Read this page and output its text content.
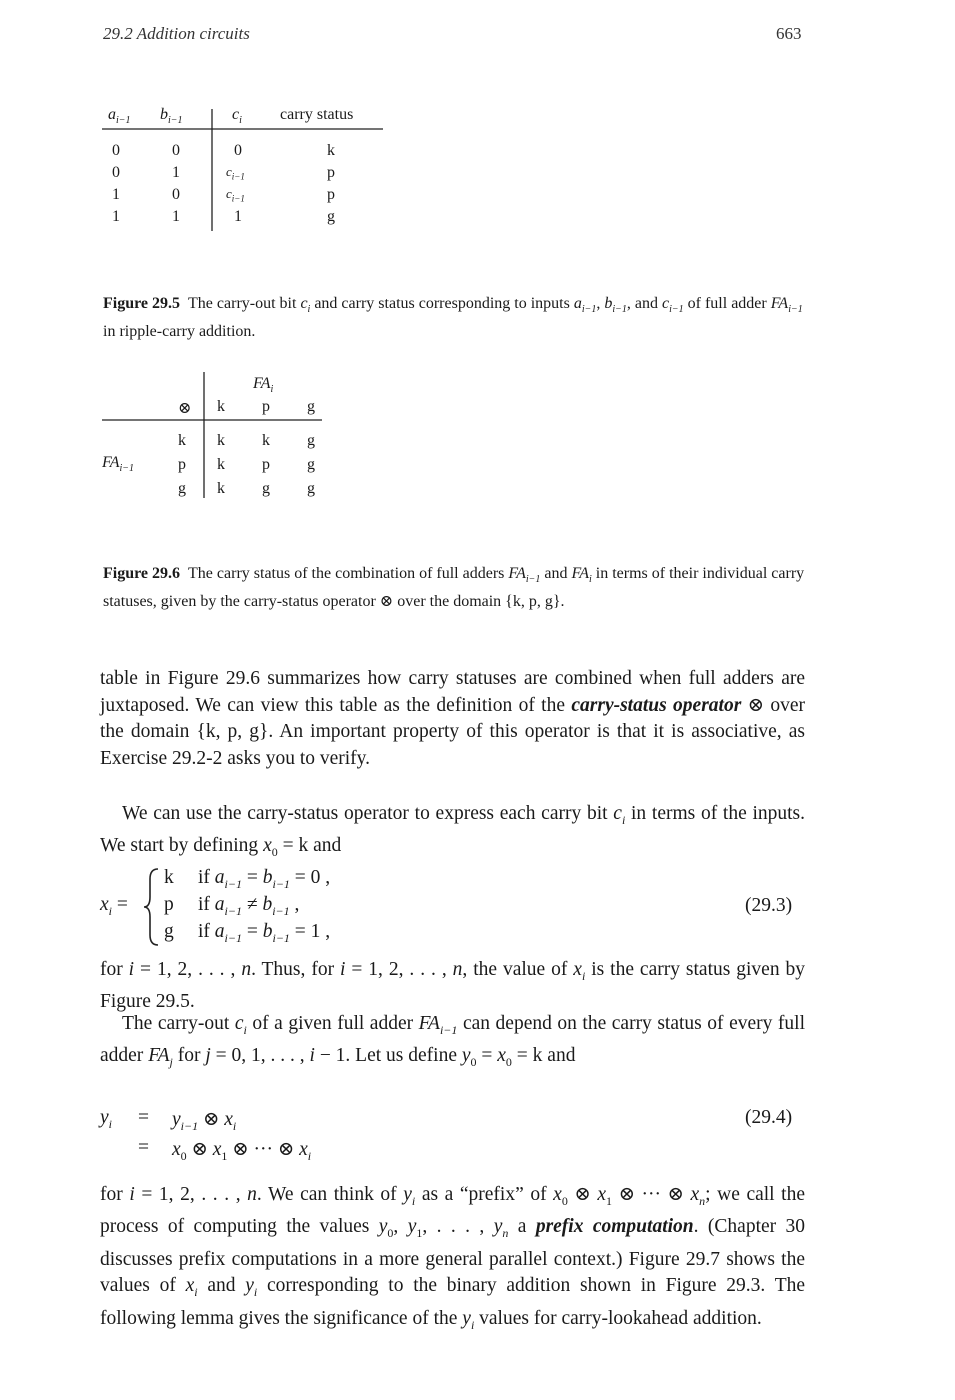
29.2 Addition circuits	663
$a_{i-1}$ $b_{i-1}$	$c_i$ carry status
0	0	0	k
0	1	$c_{i-1}$	p
1	0	$c_{i-1}$	p
1	1	1	g
Figure 29.5  The carry-out bit $c_i$ and carry status corresponding to inputs $a_{i-1}$, $b_{i-1}$, and $c_{i-1}$ of full adder $FA_{i-1}$ in ripple-carry addition.
$FA_i$
⊗ k p g
$FA_{i-1}$
k k k g
p k p g
g k g g
Figure 29.6  The carry status of the combination of full adders $FA_{i-1}$ and $FA_i$ in terms of their individual carry statuses, given by the carry-status operator ⊗ over the domain {k, p, g}.
table in Figure 29.6 summarizes how carry statuses are combined when full adders are juxtaposed. We can view this table as the definition of the carry-status operator ⊗ over the domain {k, p, g}. An important property of this operator is that it is associative, as Exercise 29.2-2 asks you to verify.
We can use the carry-status operator to express each carry bit $c_i$ in terms of the inputs. We start by defining $x_0 = k$ and
$x_i$ =
k if $a_{i-1} = b_{i-1} = 0$ ,
p if $a_{i-1} \ne b_{i-1}$ ,
g if $a_{i-1} = b_{i-1} = 1$ ,
(29.3)
for i = 1, 2, . . . , n. Thus, for i = 1, 2, . . . , n, the value of $x_i$ is the carry status given by Figure 29.5.
The carry-out $c_i$ of a given full adder $FA_{i-1}$ can depend on the carry status of every full adder $FA_j$ for j = 0, 1, . . . , i − 1. Let us define $y_0 = x_0 = k$ and
$y_i = y_{i-1}$ ⊗ $x_i$
= $x_0$ ⊗ $x_1$ ⊗ ··· ⊗ $x_i$
(29.4)
for i = 1, 2, . . . , n. We can think of $y_i$ as a “prefix” of $x_0$ ⊗ $x_1$ ⊗ ··· ⊗ $x_n$; we call the process of computing the values $y_0$, $y_1$, . . . , $y_n$ a prefix computation. (Chapter 30 discusses prefix computations in a more general parallel context.) Figure 29.7 shows the values of $x_i$ and $y_i$ corresponding to the binary addition shown in Figure 29.3. The following lemma gives the significance of the $y_i$ values for carry-lookahead addition.
